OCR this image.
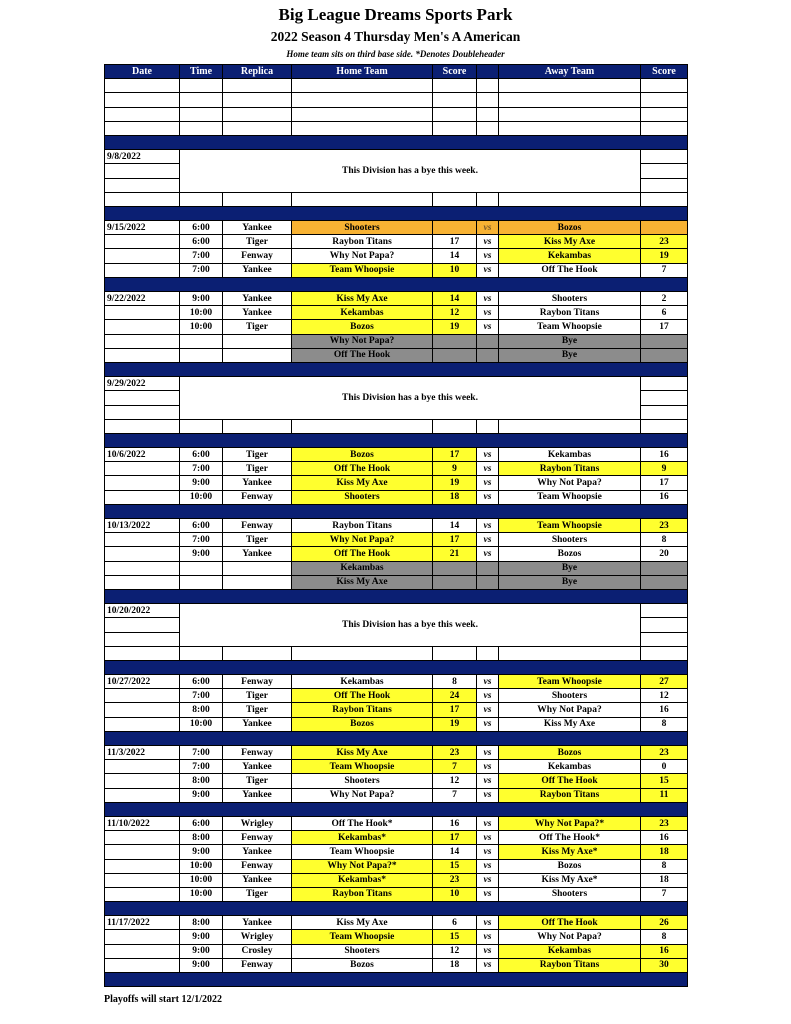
Big League Dreams Sports Park
2022 Season 4 Thursday Men's A American
Home team sits on third base side. *Denotes Doubleheader
Date	Time	Replica	Home Team	Score		Away Team	Score

9/8/2022	This Division has a bye this week.						

9/15/2022	6:00	Yankee	Shooters		vs	Bozos	
	6:00	Tiger	Raybon Titans	17	vs	Kiss My Axe	23
	7:00	Fenway	Why Not Papa?	14	vs	Kekambas	19
	7:00	Yankee	Team Whoopsie	10	vs	Off The Hook	7

9/22/2022	9:00	Yankee	Kiss My Axe	14	vs	Shooters	2
	10:00	Yankee	Kekambas	12	vs	Raybon Titans	6
	10:00	Tiger	Bozos	19	vs	Team Whoopsie	17
			Why Not Papa?			Bye	
			Off The Hook			Bye	

9/29/2022	This Division has a bye this week.						

10/6/2022	6:00	Tiger	Bozos	17	vs	Kekambas	16
	7:00	Tiger	Off The Hook	9	vs	Raybon Titans	9
	9:00	Yankee	Kiss My Axe	19	vs	Why Not Papa?	17
	10:00	Fenway	Shooters	18	vs	Team Whoopsie	16

10/13/2022	6:00	Fenway	Raybon Titans	14	vs	Team Whoopsie	23
	7:00	Tiger	Why Not Papa?	17	vs	Shooters	8
	9:00	Yankee	Off The Hook	21	vs	Bozos	20
			Kekambas			Bye	
			Kiss My Axe			Bye	

10/20/2022	This Division has a bye this week.						

10/27/2022	6:00	Fenway	Kekambas	8	vs	Team Whoopsie	27
	7:00	Tiger	Off The Hook	24	vs	Shooters	12
	8:00	Tiger	Raybon Titans	17	vs	Why Not Papa?	16
	10:00	Yankee	Bozos	19	vs	Kiss My Axe	8

11/3/2022	7:00	Fenway	Kiss My Axe	23	vs	Bozos	23
	7:00	Yankee	Team Whoopsie	7	vs	Kekambas	0
	8:00	Tiger	Shooters	12	vs	Off The Hook	15
	9:00	Yankee	Why Not Papa?	7	vs	Raybon Titans	11

11/10/2022	6:00	Wrigley	Off The Hook*	16	vs	Why Not Papa?*	23
	8:00	Fenway	Kekambas*	17	vs	Off The Hook*	16
	9:00	Yankee	Team Whoopsie	14	vs	Kiss My Axe*	18
	10:00	Fenway	Why Not Papa?*	15	vs	Bozos	8
	10:00	Yankee	Kekambas*	23	vs	Kiss My Axe*	18
	10:00	Tiger	Raybon Titans	10	vs	Shooters	7

11/17/2022	8:00	Yankee	Kiss My Axe	6	vs	Off The Hook	26
	9:00	Wrigley	Team Whoopsie	15	vs	Why Not Papa?	8
	9:00	Crosley	Shooters	12	vs	Kekambas	16
	9:00	Fenway	Bozos	18	vs	Raybon Titans	30

Playoffs will start 12/1/2022
